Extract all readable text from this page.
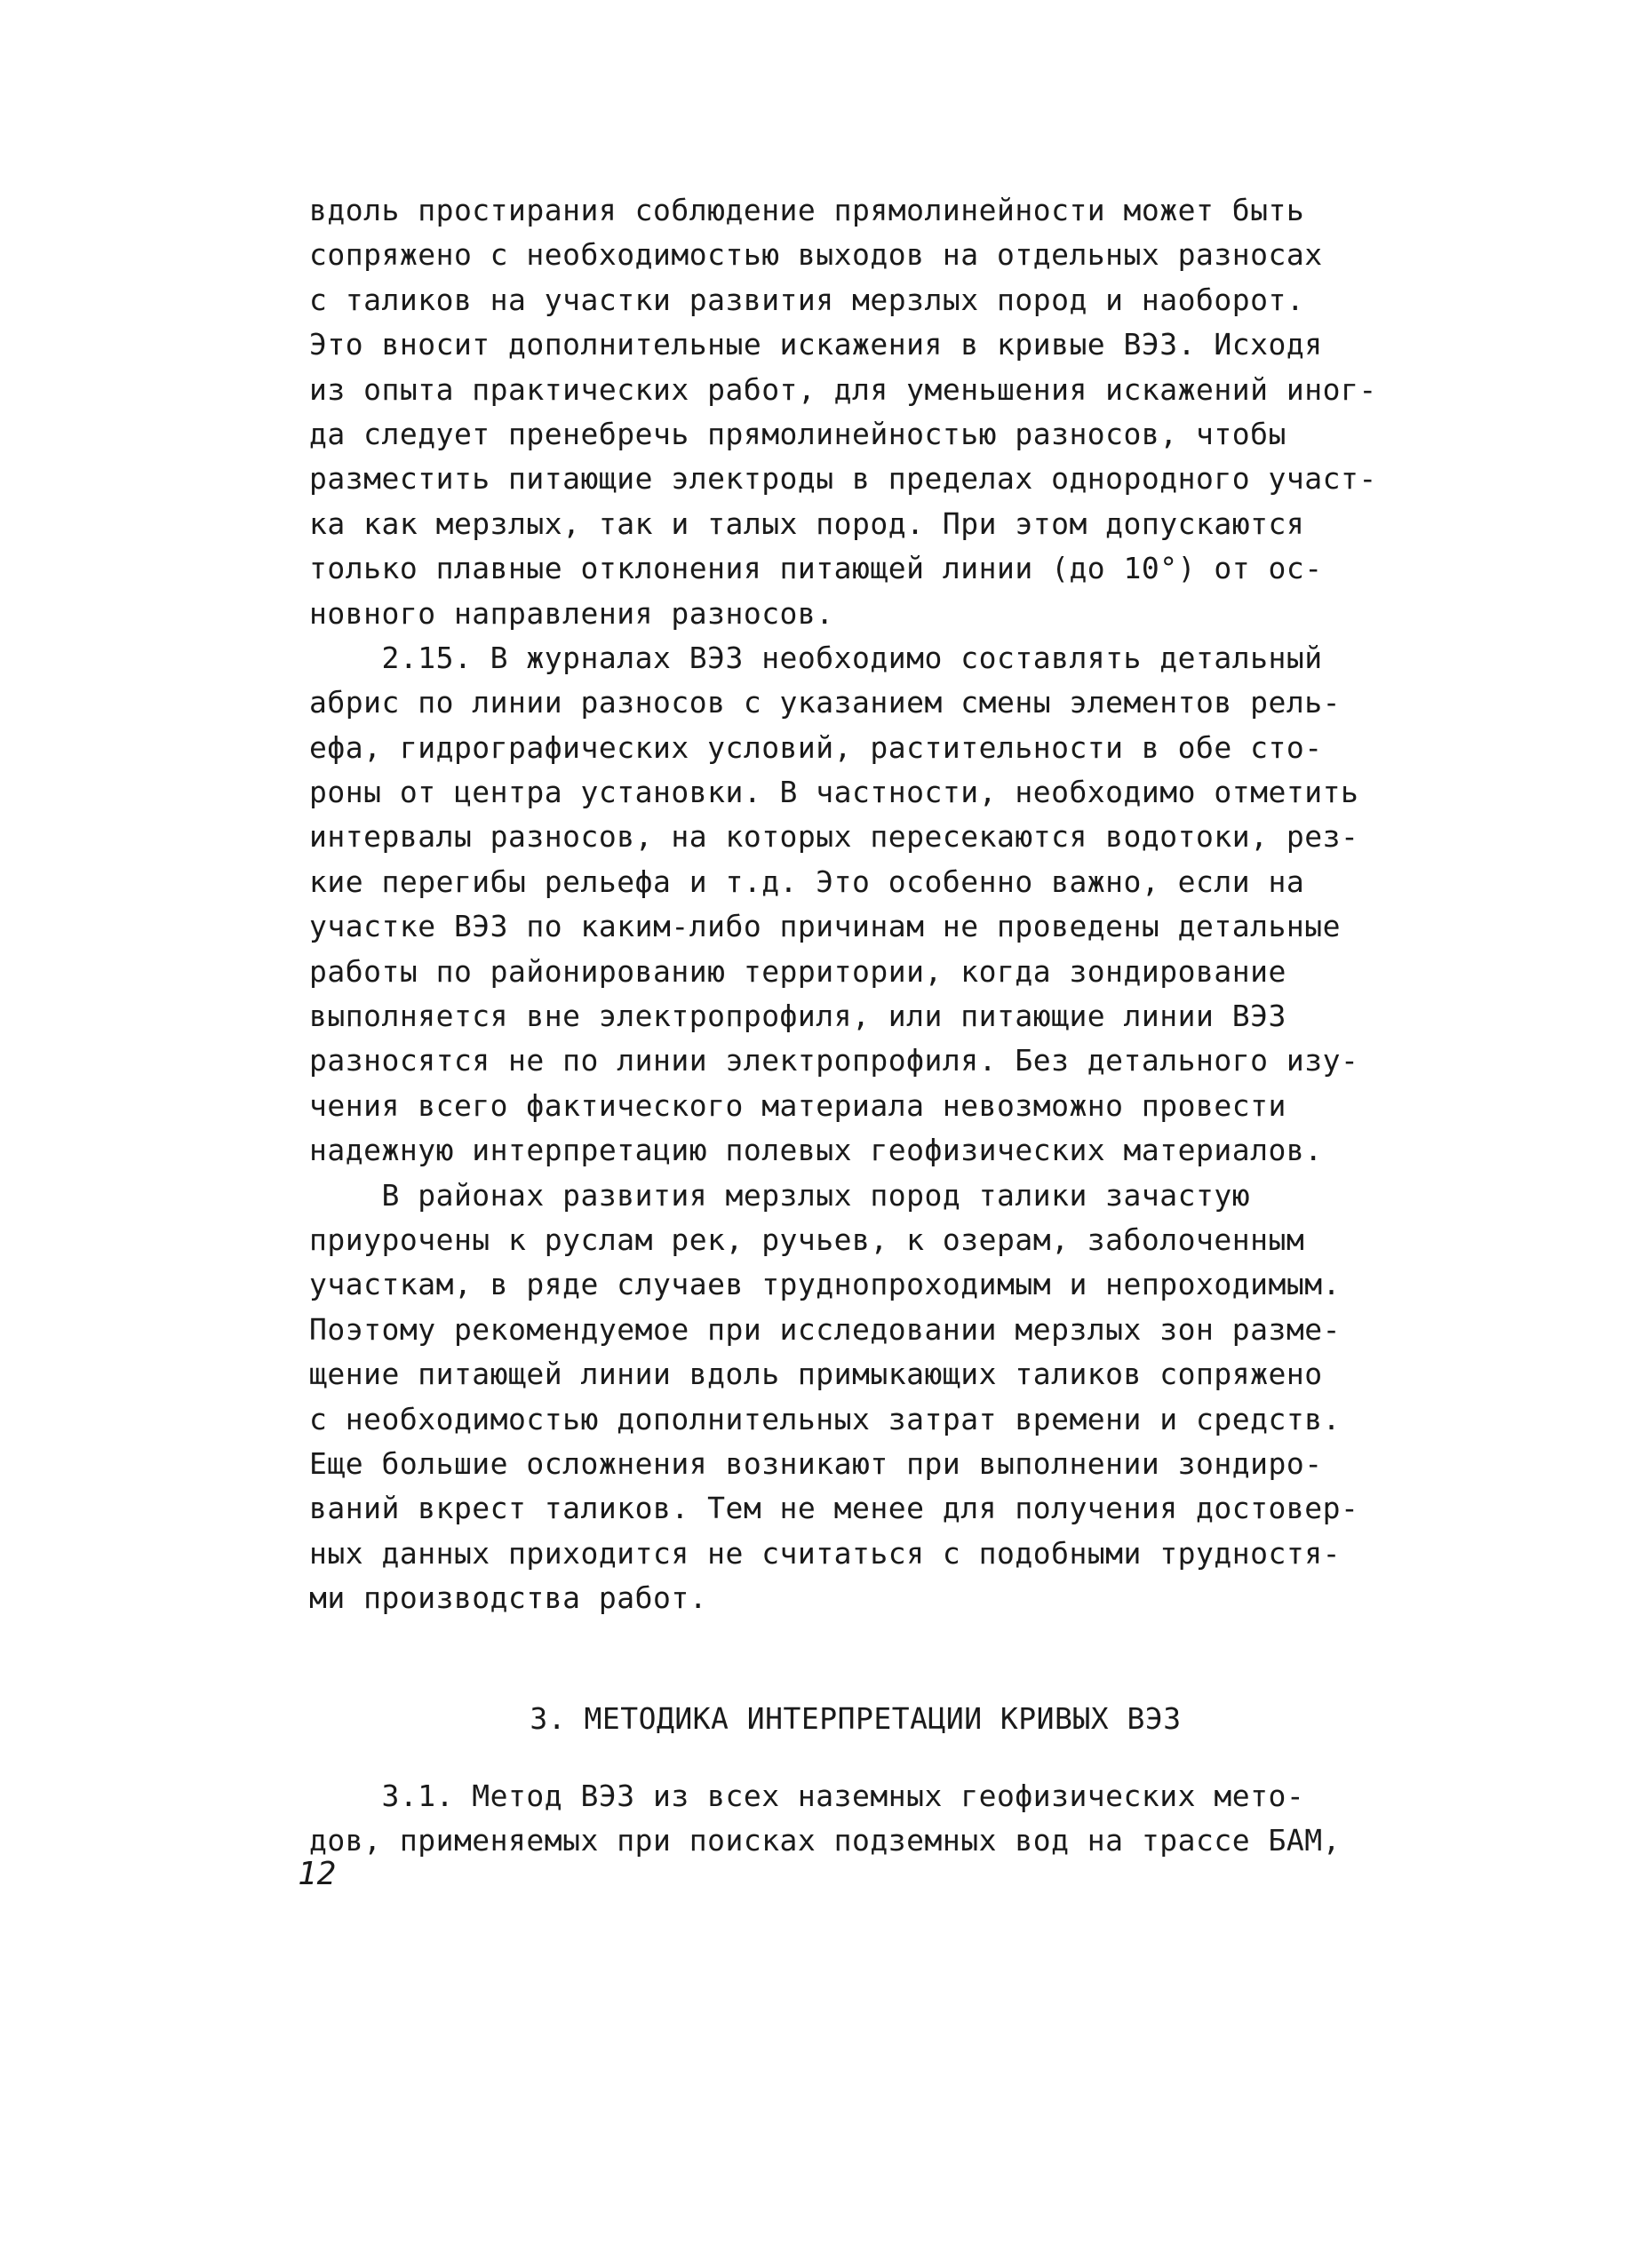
вдоль простирания соблюдение прямолинейности может быть
сопряжено с необходимостью выходов на отдельных разносах
с таликов на участки развития мерзлых пород и наоборот.
Это вносит дополнительные искажения в кривые ВЭЗ. Исходя
из опыта практических работ, для уменьшения искажений иног-
да следует пренебречь прямолинейностью разносов, чтобы
разместить питающие электроды в пределах однородного участ-
ка как мерзлых, так и талых пород. При этом допускаются
только плавные отклонения питающей линии (до 10°) от ос-
новного направления разносов.
2.15. В журналах ВЭЗ необходимо составлять детальный
абрис по линии разносов с указанием смены элементов рель-
ефа, гидрографических условий, растительности в обе сто-
роны от центра установки. В частности, необходимо отметить
интервалы разносов, на которых пересекаются водотоки, рез-
кие перегибы рельефа и т.д. Это особенно важно, если на
участке ВЭЗ по каким-либо причинам не проведены детальные
работы по районированию территории, когда зондирование
выполняется вне электропрофиля, или питающие линии ВЭЗ
разносятся не по линии электропрофиля. Без детального изу-
чения всего фактического материала невозможно провести
надежную интерпретацию полевых геофизических материалов.
В районах развития мерзлых пород талики зачастую
приурочены к руслам рек, ручьев, к озерам, заболоченным
участкам, в ряде случаев труднопроходимым и непроходимым.
Поэтому рекомендуемое при исследовании мерзлых зон разме-
щение питающей линии вдоль примыкающих таликов сопряжено
с необходимостью дополнительных затрат времени и средств.
Еще большие осложнения возникают при выполнении зондиро-
ваний вкрест таликов. Тем не менее для получения достовер-
ных данных приходится не считаться с подобными трудностя-
ми производства работ.
3. МЕТОДИКА ИНТЕРПРЕТАЦИИ КРИВЫХ ВЭЗ
3.1. Метод ВЭЗ из всех наземных геофизических мето-
дов, применяемых при поисках подземных вод на трассе БАМ,
12
